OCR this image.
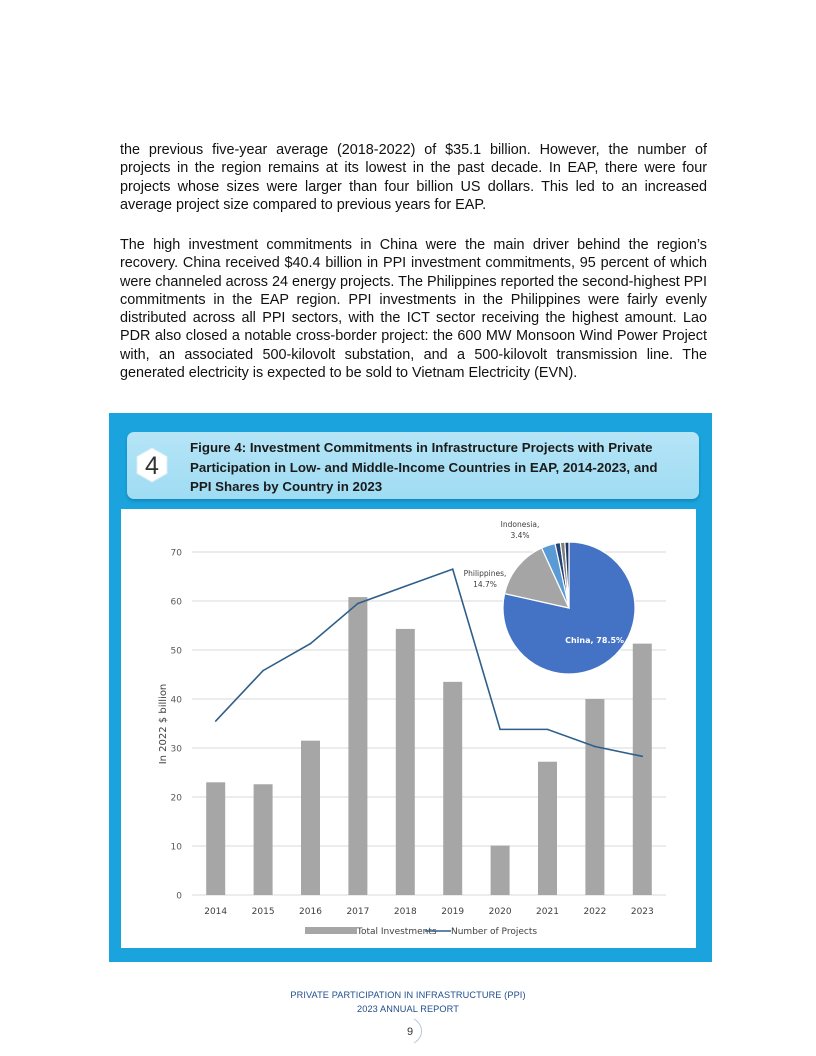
the previous five-year average (2018-2022) of $35.1 billion. However, the number of projects in the region remains at its lowest in the past decade. In EAP, there were four projects whose sizes were larger than four billion US dollars. This led to an increased average project size compared to previous years for EAP.

The high investment commitments in China were the main driver behind the region’s recovery. China received $40.4 billion in PPI investment commitments, 95 percent of which were channeled across 24 energy projects. The Philippines reported the second-highest PPI commitments in the EAP region. PPI investments in the Philippines were fairly evenly distributed across all PPI sectors, with the ICT sector receiving the highest amount. Lao PDR also closed a notable cross-border project: the 600 MW Monsoon Wind Power Project with, an associated 500-kilovolt substation, and a 500-kilovolt transmission line. The generated electricity is expected to be sold to Vietnam Electricity (EVN).

4
Figure 4: Investment Commitments in Infrastructure Projects with Private
Participation in Low- and Middle-Income Countries in EAP, 2014-2023, and
PPI Shares by Country in 2023
0
10
20
30
40
50
60
70
In 2022 $ billion
2014	2015	2016	2017	2018	2019	2020	2021	2022	2023
Total Investments Number of Projects
China, 78.5%
Philippines,
14.7%
Indonesia,
3.4%
PRIVATE PARTICIPATION IN INFRASTRUCTURE (PPI)
2023 ANNUAL REPORT
9
